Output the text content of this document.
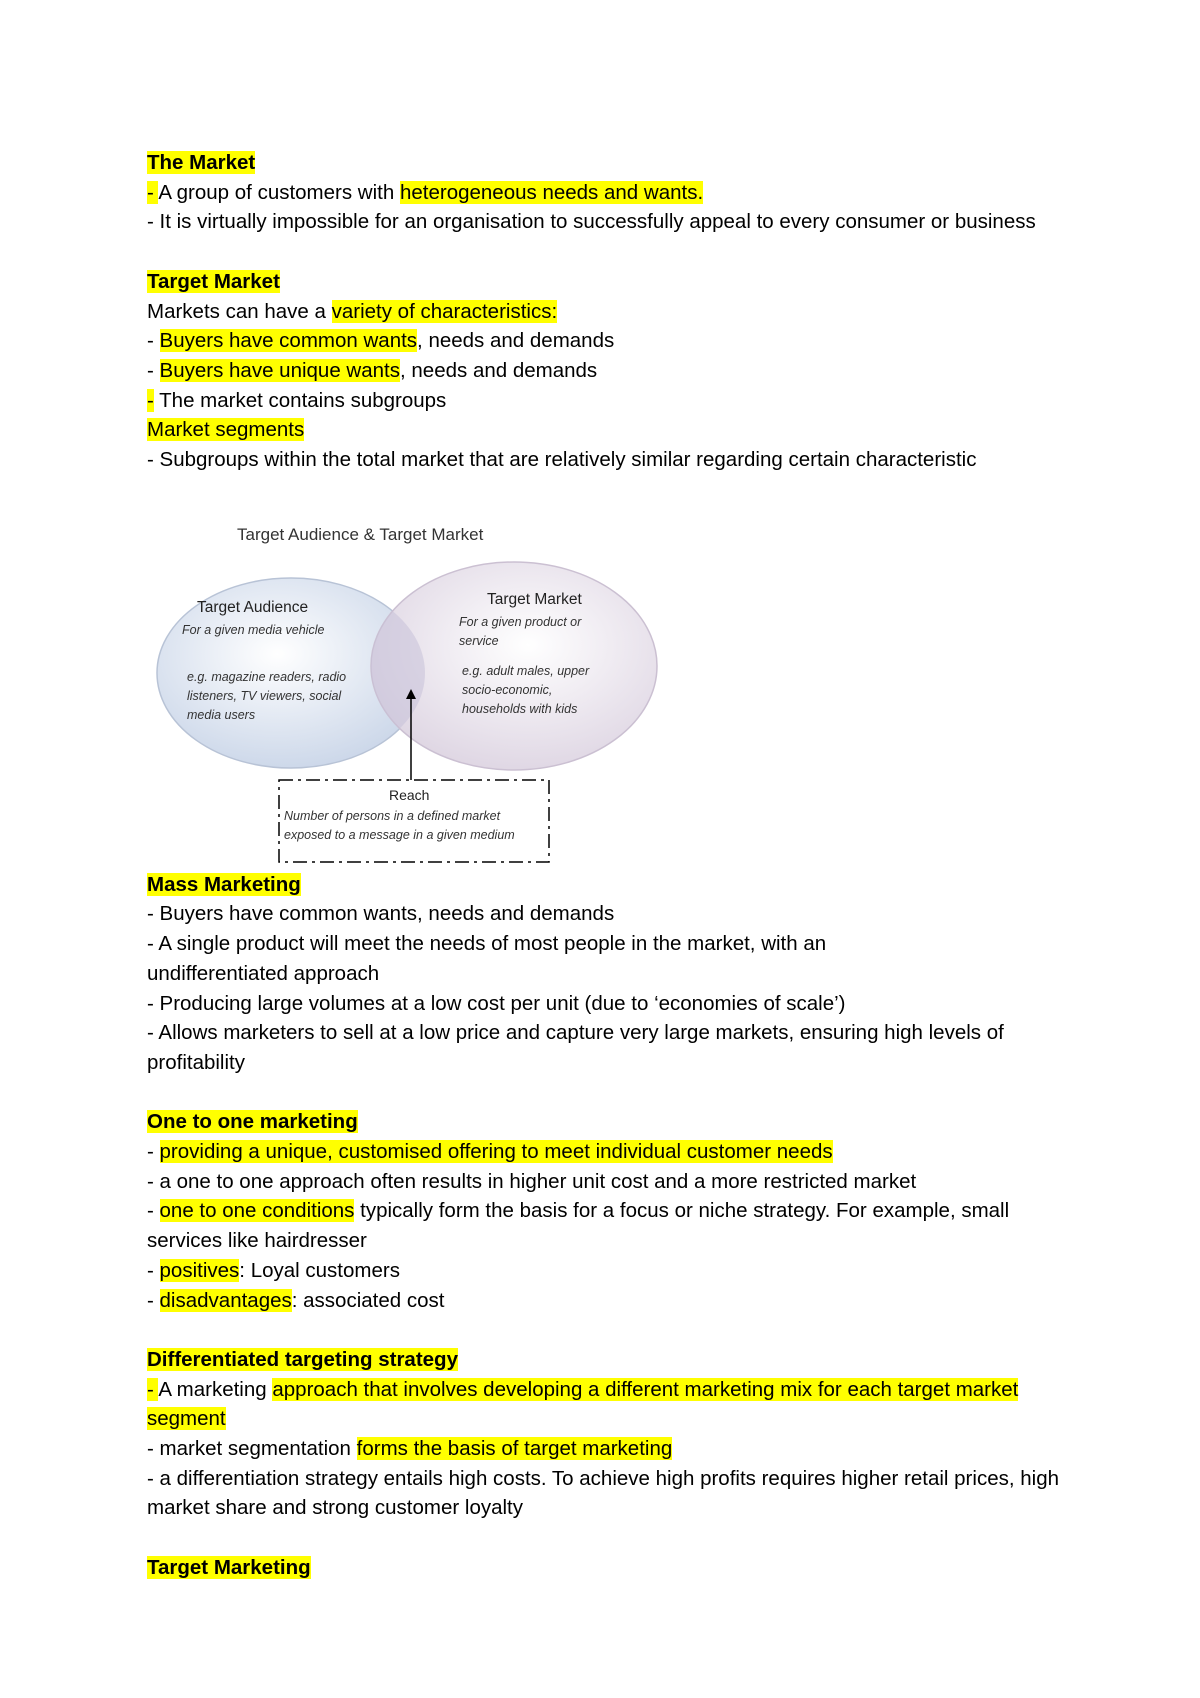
The Market

- A group of customers with heterogeneous needs and wants.

- It is virtually impossible for an organisation to successfully appeal to every consumer or business

Target Market

Markets can have a variety of characteristics:

- Buyers have common wants, needs and demands

- Buyers have unique wants, needs and demands

- The market contains subgroups

Market segments

- Subgroups within the total market that are relatively similar regarding certain characteristic

Target Audience & Target Market
Target Audience
For a given media vehicle
e.g. magazine readers, radio listeners, TV viewers, social media users
Target Market
For a given product or service
e.g. adult males, upper socio-economic, households with kids
Reach
Number of persons in a defined market exposed to a message in a given medium

Mass Marketing

- Buyers have common wants, needs and demands

- A single product will meet the needs of most people in the market, with an undifferentiated approach

- Producing large volumes at a low cost per unit (due to ‘economies of scale’)

- Allows marketers to sell at a low price and capture very large markets, ensuring high levels of profitability

One to one marketing

- providing a unique, customised offering to meet individual customer needs

- a one to one approach often results in higher unit cost and a more restricted market

- one to one conditions typically form the basis for a focus or niche strategy. For example, small services like hairdresser

- positives: Loyal customers

- disadvantages: associated cost

Differentiated targeting strategy

- A marketing approach that involves developing a different marketing mix for each target market segment

- market segmentation forms the basis of target marketing

- a differentiation strategy entails high costs. To achieve high profits requires higher retail prices, high market share and strong customer loyalty

Target Marketing
